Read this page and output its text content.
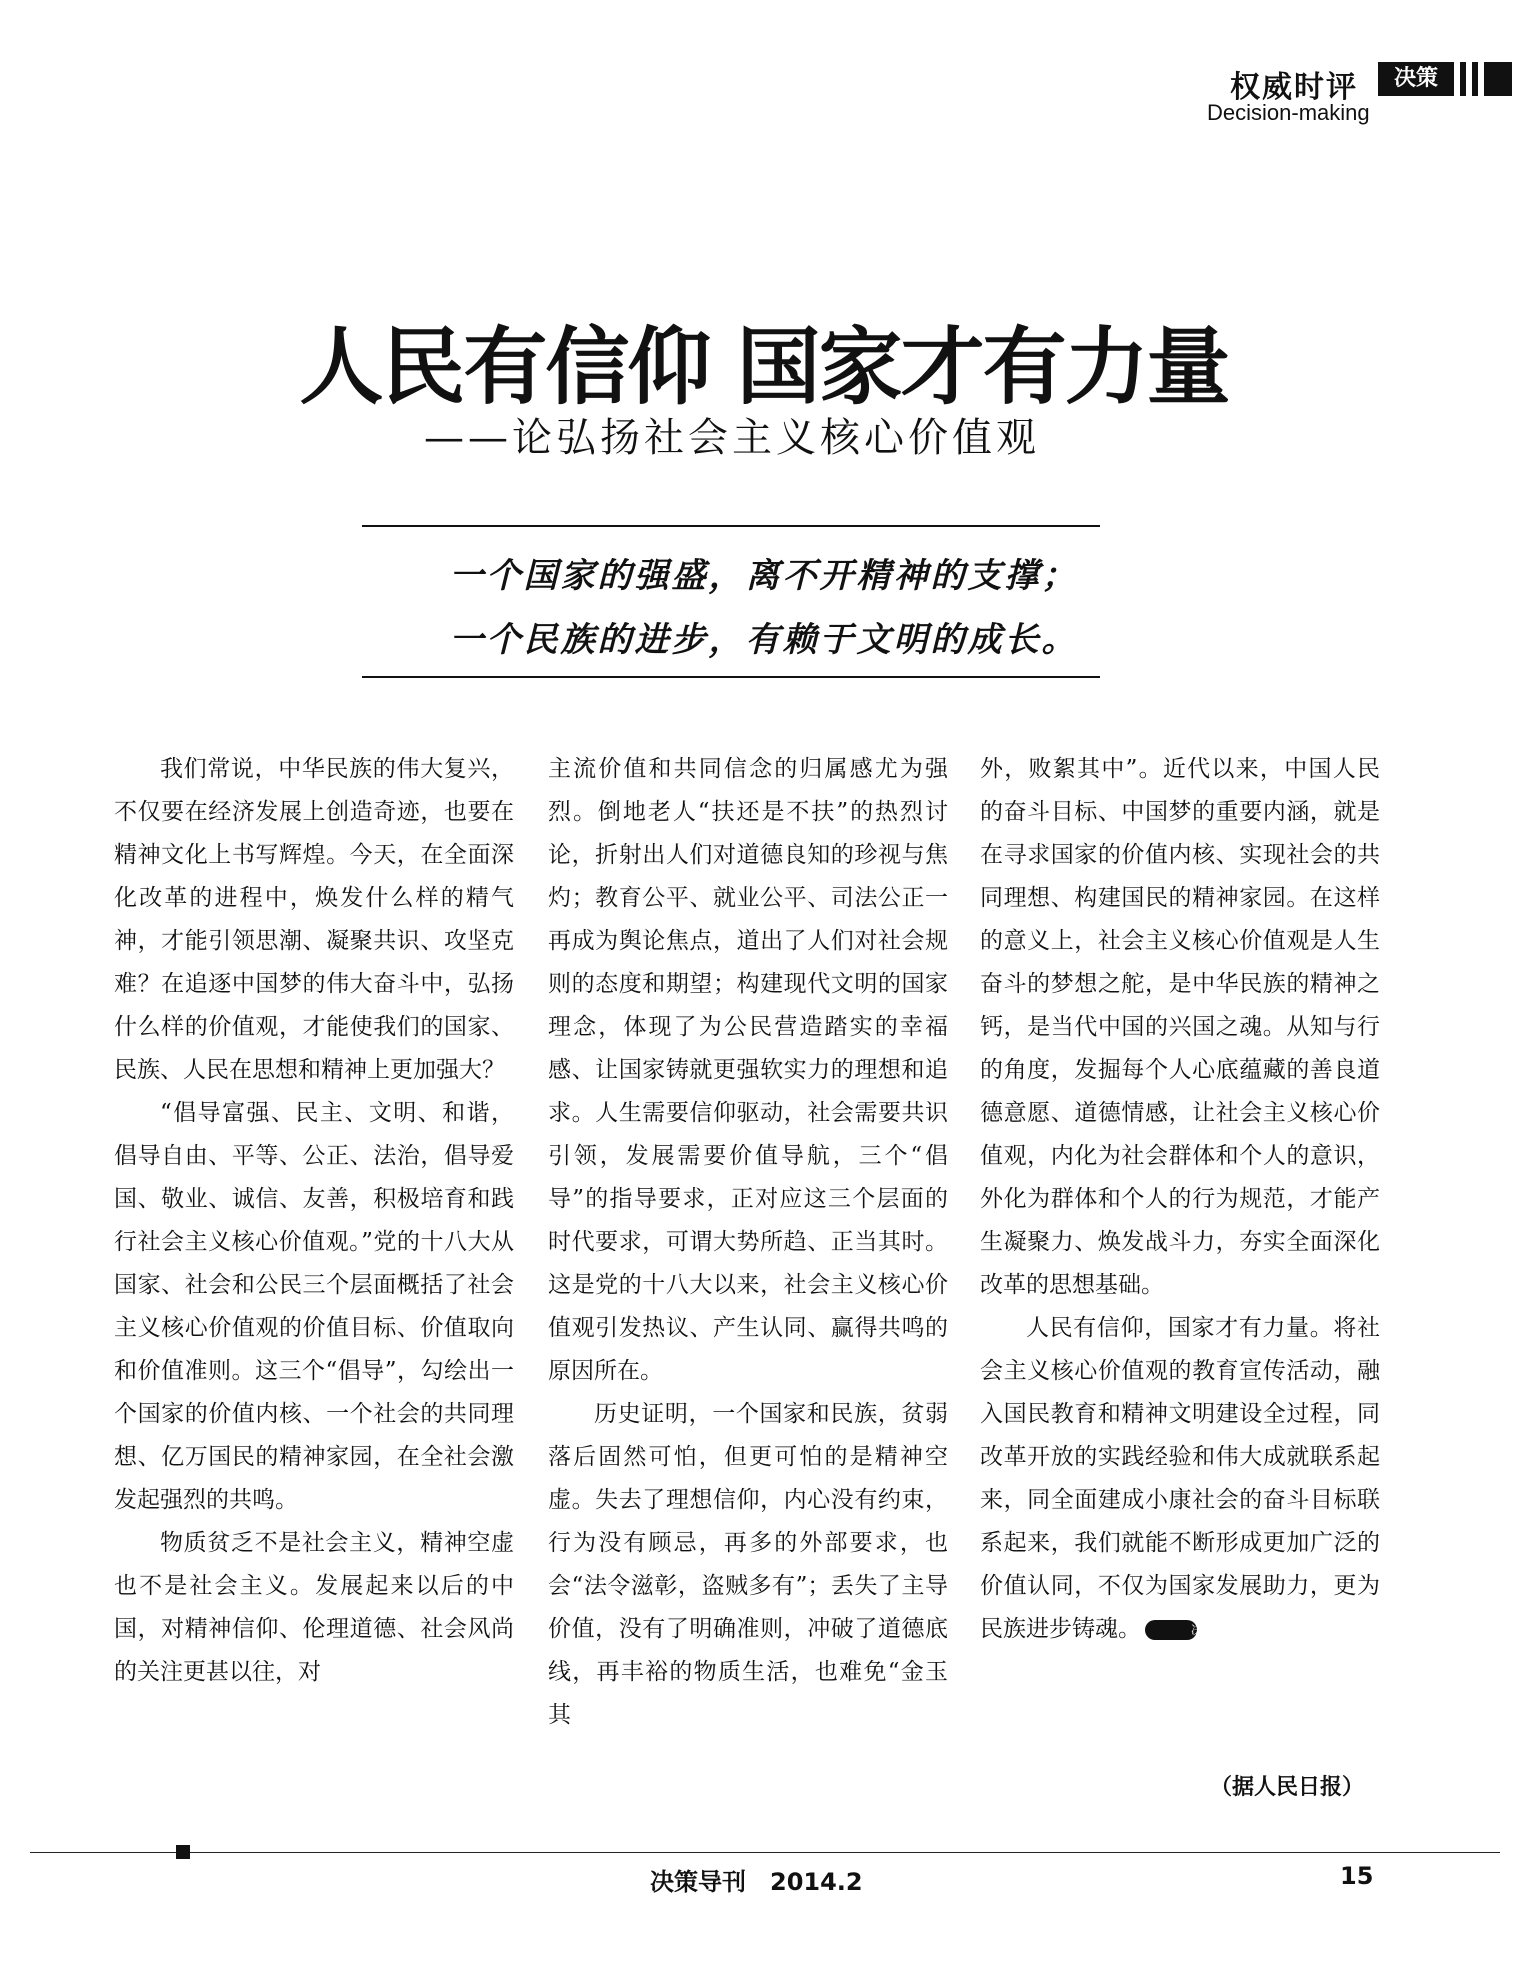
权威时评	决策
Decision-making
人民有信仰 国家才有力量
——论弘扬社会主义核心价值观
一个国家的强盛，离不开精神的支撑；
一个民族的进步，有赖于文明的成长。

我们常说，中华民族的伟大复兴，不仅要在经济发展上创造奇迹，也要在精神文化上书写辉煌。今天，在全面深化改革的进程中，焕发什么样的精气神，才能引领思潮、凝聚共识、攻坚克难？在追逐中国梦的伟大奋斗中，弘扬什么样的价值观，才能使我们的国家、民族、人民在思想和精神上更加强大？

“倡导富强、民主、文明、和谐，倡导自由、平等、公正、法治，倡导爱国、敬业、诚信、友善，积极培育和践行社会主义核心价值观。”党的十八大从国家、社会和公民三个层面概括了社会主义核心价值观的价值目标、价值取向和价值准则。这三个“倡导”，勾绘出一个国家的价值内核、一个社会的共同理想、亿万国民的精神家园，在全社会激发起强烈的共鸣。

物质贫乏不是社会主义，精神空虚也不是社会主义。发展起来以后的中国，对精神信仰、伦理道德、社会风尚的关注更甚以往，对

主流价值和共同信念的归属感尤为强烈。倒地老人“扶还是不扶”的热烈讨论，折射出人们对道德良知的珍视与焦灼；教育公平、就业公平、司法公正一再成为舆论焦点，道出了人们对社会规则的态度和期望；构建现代文明的国家理念，体现了为公民营造踏实的幸福感、让国家铸就更强软实力的理想和追求。人生需要信仰驱动，社会需要共识引领，发展需要价值导航，三个“倡导”的指导要求，正对应这三个层面的时代要求，可谓大势所趋、正当其时。这是党的十八大以来，社会主义核心价值观引发热议、产生认同、赢得共鸣的原因所在。

历史证明，一个国家和民族，贫弱落后固然可怕，但更可怕的是精神空虚。失去了理想信仰，内心没有约束，行为没有顾忌，再多的外部要求，也会“法令滋彰，盗贼多有”；丢失了主导价值，没有了明确准则，冲破了道德底线，再丰裕的物质生活，也难免“金玉其

外，败絮其中”。近代以来，中国人民的奋斗目标、中国梦的重要内涵，就是在寻求国家的价值内核、实现社会的共同理想、构建国民的精神家园。在这样的意义上，社会主义核心价值观是人生奋斗的梦想之舵，是中华民族的精神之钙，是当代中国的兴国之魂。从知与行的角度，发掘每个人心底蕴藏的善良道德意愿、道德情感，让社会主义核心价值观，内化为社会群体和个人的意识，外化为群体和个人的行为规范，才能产生凝聚力、焕发战斗力，夯实全面深化改革的思想基础。

人民有信仰，国家才有力量。将社会主义核心价值观的教育宣传活动，融入国民教育和精神文明建设全过程，同改革开放的实践经验和伟大成就联系起来，同全面建成小康社会的奋斗目标联系起来，我们就能不断形成更加广泛的价值认同，不仅为国家发展助力，更为民族进步铸魂。	决策

（据人民日报）
决策导刊　2014.2	15
